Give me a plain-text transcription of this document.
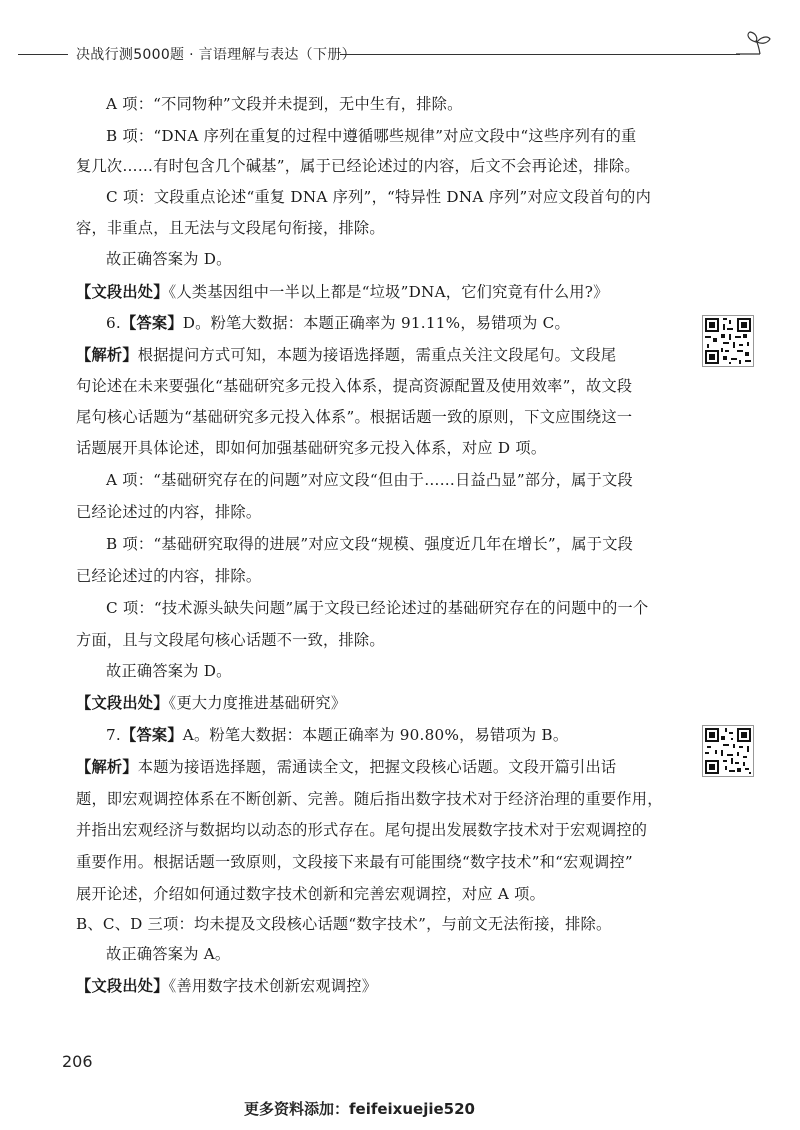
决战行测5000题 · 言语理解与表达（下册）
A 项：“不同物种”文段并未提到，无中生有，排除。
B 项：“DNA 序列在重复的过程中遵循哪些规律”对应文段中“这些序列有的重
复几次……有时包含几个碱基”，属于已经论述过的内容，后文不会再论述，排除。
C 项：文段重点论述“重复 DNA 序列”，“特异性 DNA 序列”对应文段首句的内
容，非重点，且无法与文段尾句衔接，排除。
故正确答案为 D。
【文段出处】《人类基因组中一半以上都是“垃圾”DNA，它们究竟有什么用?》
6.【答案】D。粉笔大数据：本题正确率为 91.11%，易错项为 C。
【解析】根据提问方式可知，本题为接语选择题，需重点关注文段尾句。文段尾
句论述在未来要强化“基础研究多元投入体系，提高资源配置及使用效率”，故文段
尾句核心话题为“基础研究多元投入体系”。根据话题一致的原则，下文应围绕这一
话题展开具体论述，即如何加强基础研究多元投入体系，对应 D 项。
A 项：“基础研究存在的问题”对应文段“但由于……日益凸显”部分，属于文段
已经论述过的内容，排除。
B 项：“基础研究取得的进展”对应文段“规模、强度近几年在增长”，属于文段
已经论述过的内容，排除。
C 项：“技术源头缺失问题”属于文段已经论述过的基础研究存在的问题中的一个
方面，且与文段尾句核心话题不一致，排除。
故正确答案为 D。
【文段出处】《更大力度推进基础研究》
7.【答案】A。粉笔大数据：本题正确率为 90.80%，易错项为 B。
【解析】本题为接语选择题，需通读全文，把握文段核心话题。文段开篇引出话
题，即宏观调控体系在不断创新、完善。随后指出数字技术对于经济治理的重要作用，
并指出宏观经济与数据均以动态的形式存在。尾句提出发展数字技术对于宏观调控的
重要作用。根据话题一致原则，文段接下来最有可能围绕“数字技术”和“宏观调控”
展开论述，介绍如何通过数字技术创新和完善宏观调控，对应 A 项。
B、C、D 三项：均未提及文段核心话题“数字技术”，与前文无法衔接，排除。
故正确答案为 A。
【文段出处】《善用数字技术创新宏观调控》
206
更多资料添加：feifeixuejie520
